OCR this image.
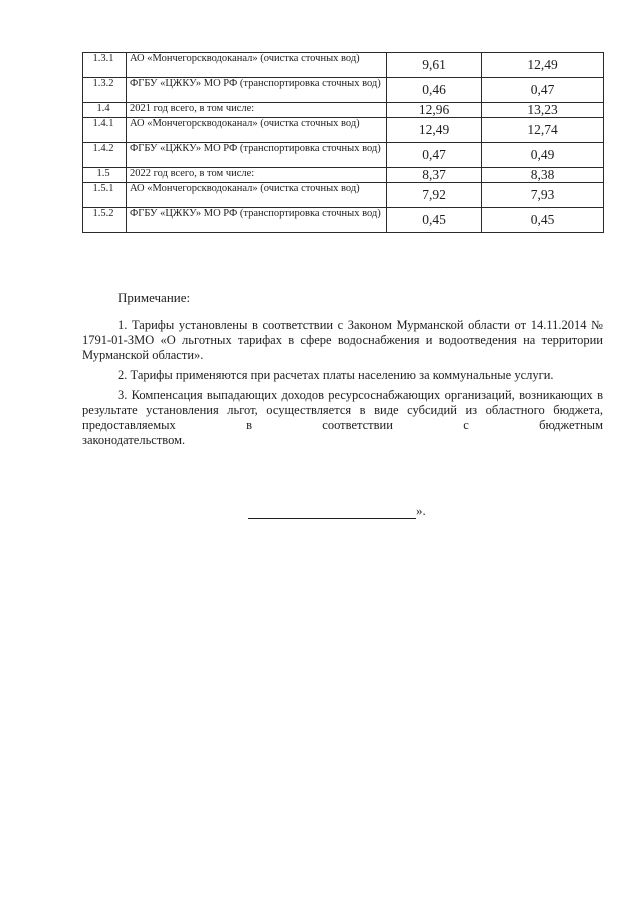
1.3.1	АО «Мончегорскводоканал» (очистка сточных вод)	9,61	12,49
1.3.2	ФГБУ «ЦЖКУ» МО РФ (транспортировка сточных вод)	0,46	0,47
1.4	2021 год всего, в том числе:	12,96	13,23
1.4.1	АО «Мончегорскводоканал» (очистка сточных вод)	12,49	12,74
1.4.2	ФГБУ «ЦЖКУ» МО РФ (транспортировка сточных вод)	0,47	0,49
1.5	2022 год всего, в том числе:	8,37	8,38
1.5.1	АО «Мончегорскводоканал» (очистка сточных вод)	7,92	7,93
1.5.2	ФГБУ «ЦЖКУ» МО РФ (транспортировка сточных вод)	0,45	0,45
Примечание:

1. Тарифы установлены в соответствии с Законом Мурманской области от 14.11.2014 № 1791-01-ЗМО «О льготных тарифах в сфере водоснабжения и водоотведения на территории Мурманской области».

2. Тарифы применяются при расчетах платы населению за коммунальные услуги.

3. Компенсация выпадающих доходов ресурсоснабжающих организаций, возникающих в результате установления льгот, осуществляется в виде субсидий из областного бюджета, предоставляемых в соответствии с бюджетным

законодательством.

».
